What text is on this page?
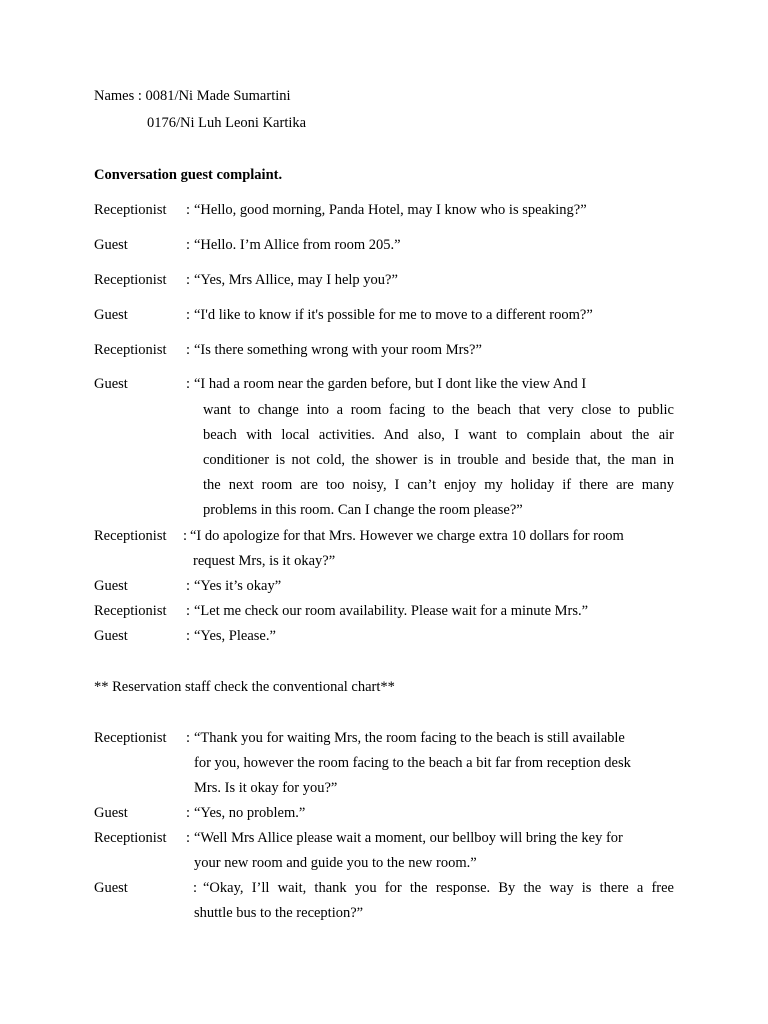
Names : 0081/Ni Made Sumartini
0176/Ni Luh Leoni Kartika
Conversation guest complaint.
Receptionist : “Hello, good morning, Panda Hotel, may I know who is speaking?”
Guest	: “Hello. I’m Allice from room 205.”
Receptionist : “Yes, Mrs Allice, may I help you?”
Guest	: “I'd like to know if it's possible for me to move to a different room?”
Receptionist : “Is there something wrong with your room Mrs?”
Guest	: “I had a room near the garden before, but I dont like the view And I
want to change into a room facing to the beach that very close to public
beach with local activities. And also, I want to complain about the air
conditioner is not cold, the shower is in trouble and beside that, the man in
the next room are too noisy, I can’t enjoy my holiday if there are many
problems in this room. Can I change the room please?”
Receptionist : “I do apologize for that Mrs. However we charge extra 10 dollars for room
request Mrs, is it okay?”
Guest	: “Yes it’s okay”
Receptionist : “Let me check our room availability. Please wait for a minute Mrs.”
Guest	: “Yes, Please.”
** Reservation staff check the conventional chart**
Receptionist : “Thank you for waiting Mrs, the room facing to the beach is still available
for you, however the room facing to the beach a bit far from reception desk
Mrs. Is it okay for you?”
Guest	: “Yes, no problem.”
Receptionist : “Well Mrs Allice please wait a moment, our bellboy will bring the key for
your new room and guide you to the new room.”
Guest	: “Okay, I’ll wait, thank you for the response. By the way is there a free
shuttle bus to the reception?”
